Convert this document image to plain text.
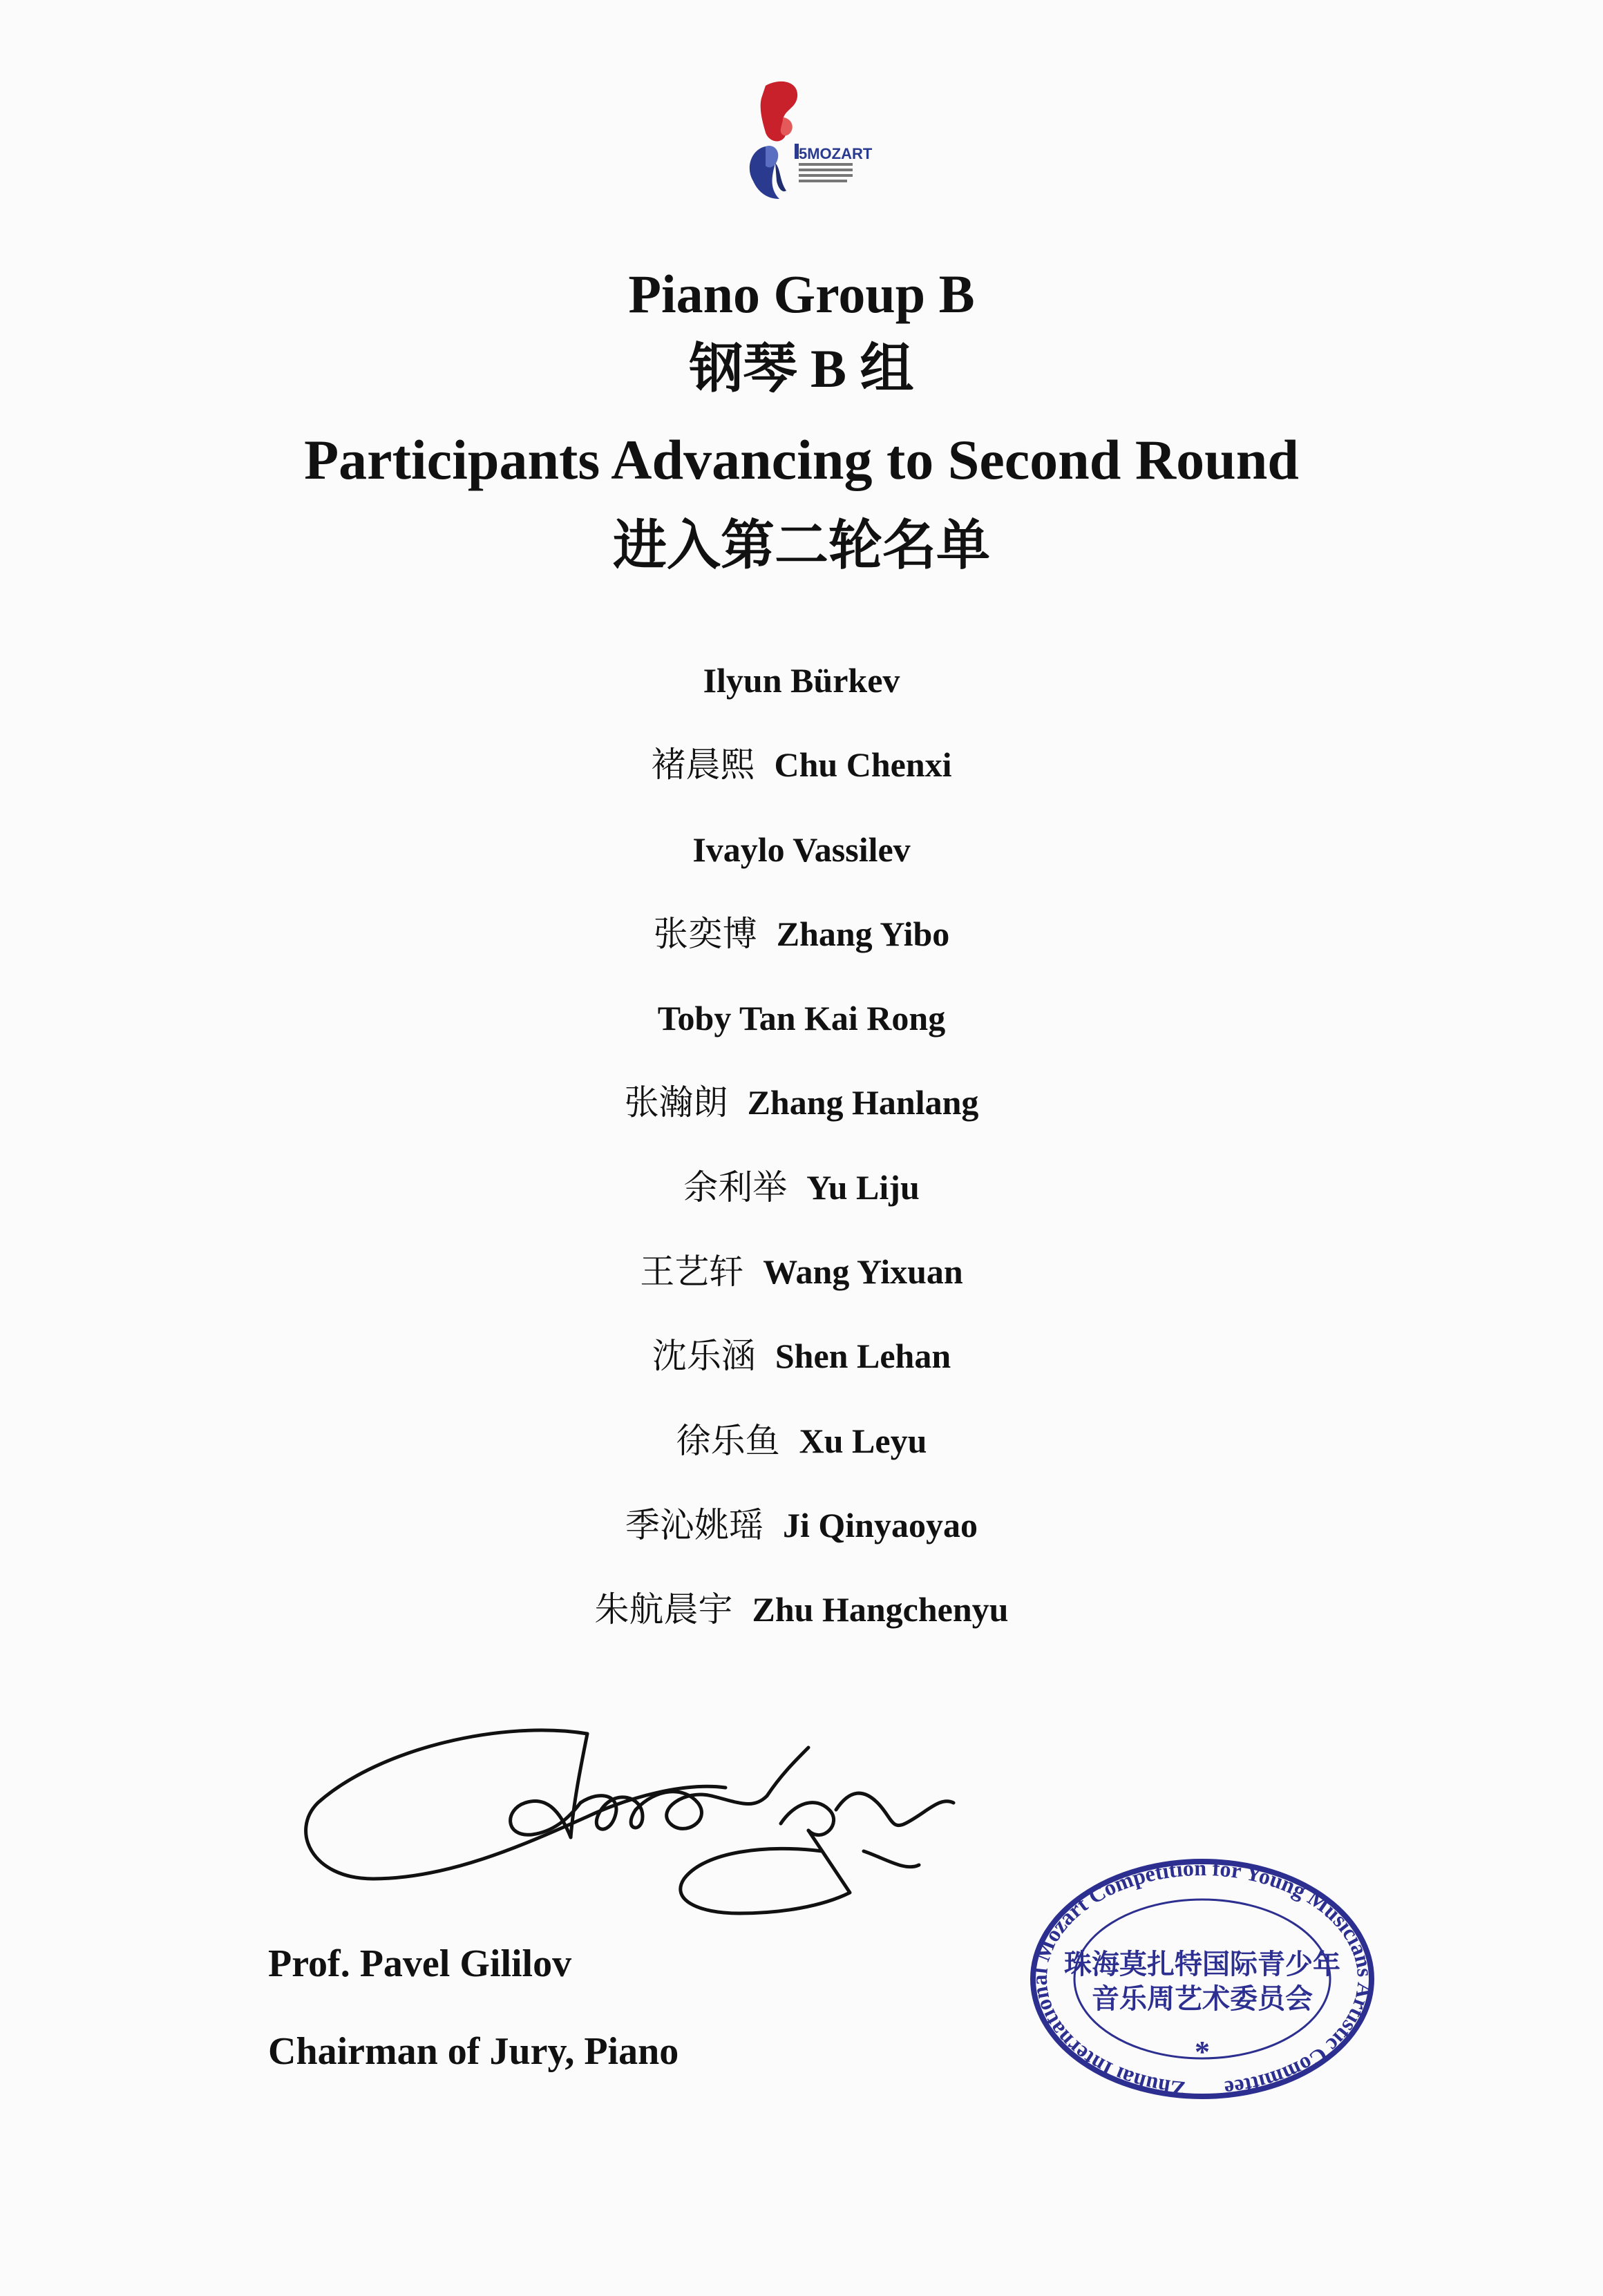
5MOZART
Piano Group B
钢琴 B 组
Participants Advancing to Second Round
进入第二轮名单
Ilyun Bürkev
褚晨熙 Chu Chenxi
Ivaylo Vassilev
张奕博 Zhang Yibo
Toby Tan Kai Rong
张瀚朗 Zhang Hanlang
余利举 Yu Liju
王艺轩 Wang Yixuan
沈乐涵 Shen Lehan
徐乐鱼 Xu Leyu
季沁姚瑶 Ji Qinyaoyao
朱航晨宇 Zhu Hangchenyu
Prof. Pavel Gililov
Chairman of Jury, Piano
Zhuhai International Mozart Competition for Young Musicians Artistic Committee
珠海莫扎特国际青少年
音乐周艺术委员会
*
